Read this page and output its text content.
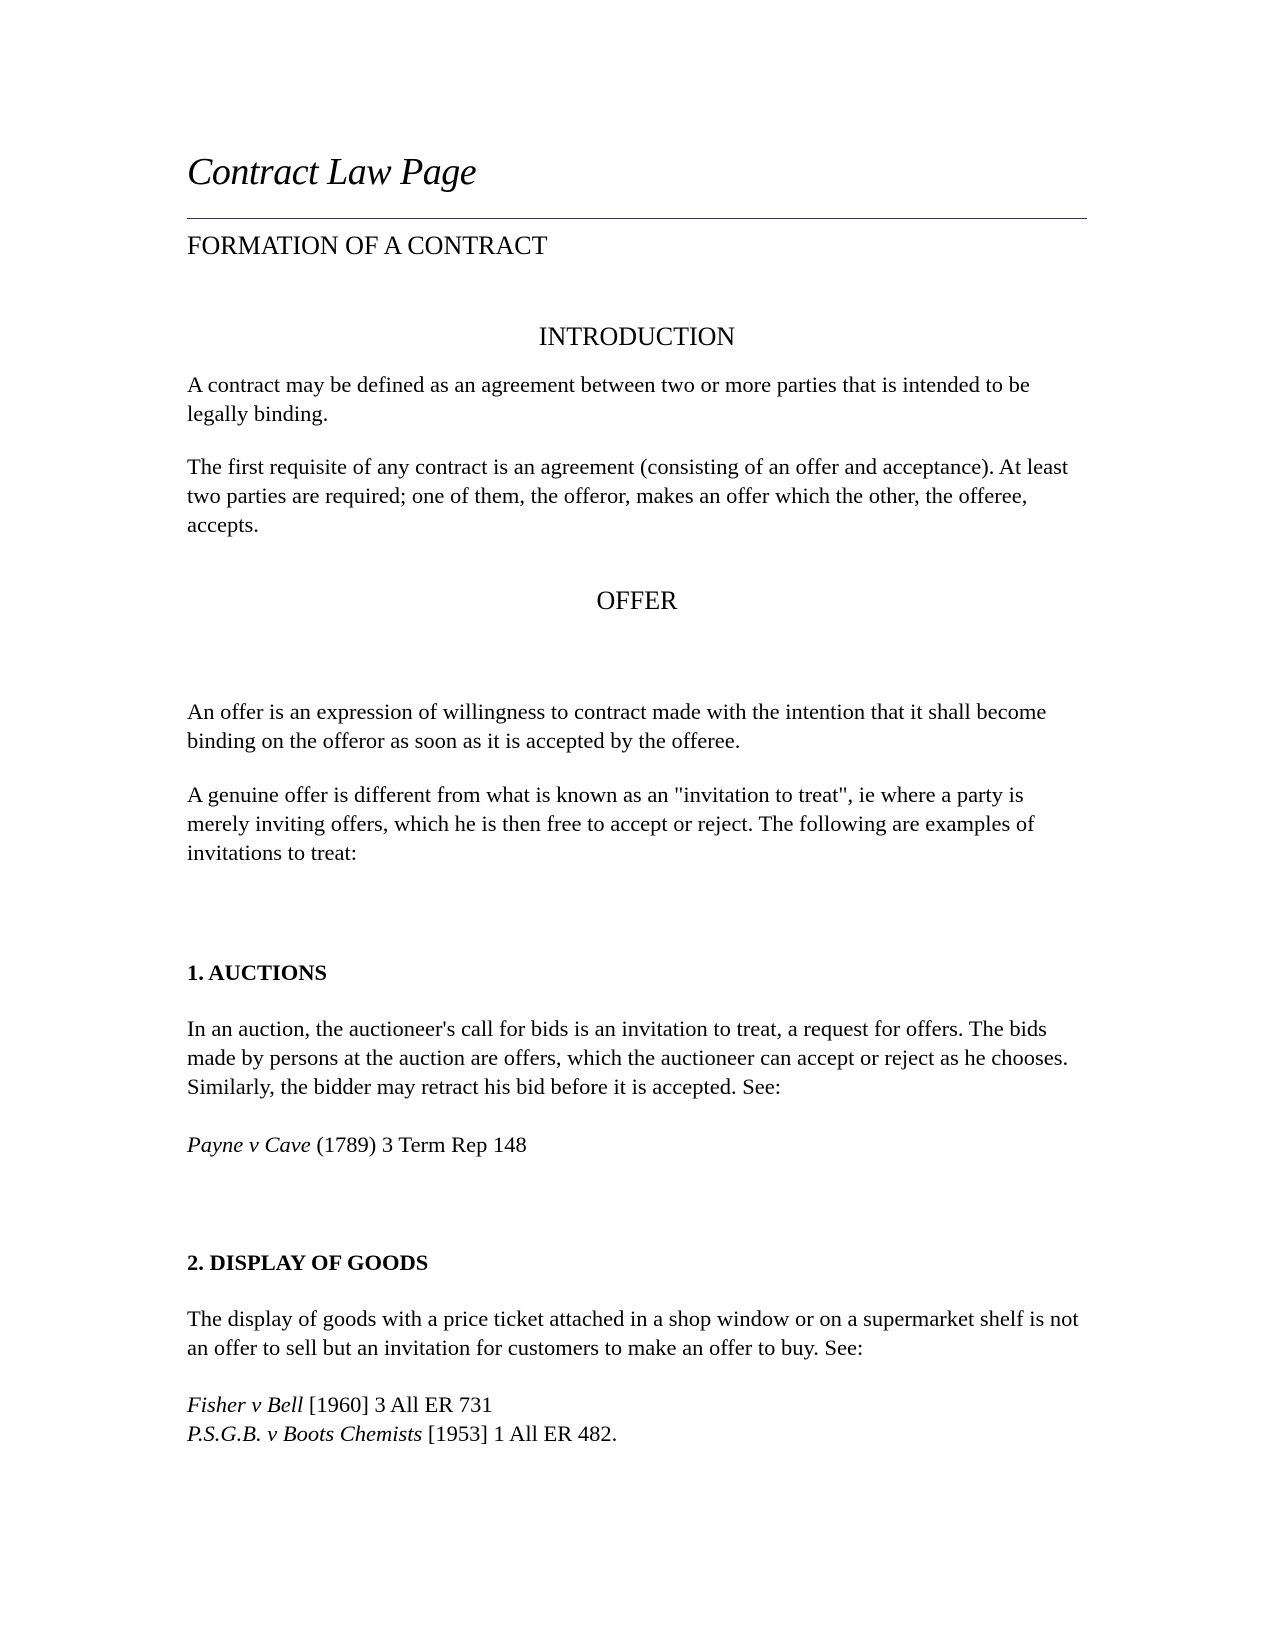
Contract Law Page
FORMATION OF A CONTRACT
INTRODUCTION

A contract may be defined as an agreement between two or more parties that is intended to be legally binding.

The first requisite of any contract is an agreement (consisting of an offer and acceptance). At least two parties are required; one of them, the offeror, makes an offer which the other, the offeree, accepts.

OFFER

An offer is an expression of willingness to contract made with the intention that it shall become binding on the offeror as soon as it is accepted by the offeree.

A genuine offer is different from what is known as an "invitation to treat", ie where a party is merely inviting offers, which he is then free to accept or reject. The following are examples of invitations to treat:

1. AUCTIONS

In an auction, the auctioneer's call for bids is an invitation to treat, a request for offers. The bids made by persons at the auction are offers, which the auctioneer can accept or reject as he chooses. Similarly, the bidder may retract his bid before it is accepted. See:

Payne v Cave (1789) 3 Term Rep 148

2. DISPLAY OF GOODS

The display of goods with a price ticket attached in a shop window or on a supermarket shelf is not an offer to sell but an invitation for customers to make an offer to buy. See:

Fisher v Bell [1960] 3 All ER 731

P.S.G.B. v Boots Chemists [1953] 1 All ER 482.
